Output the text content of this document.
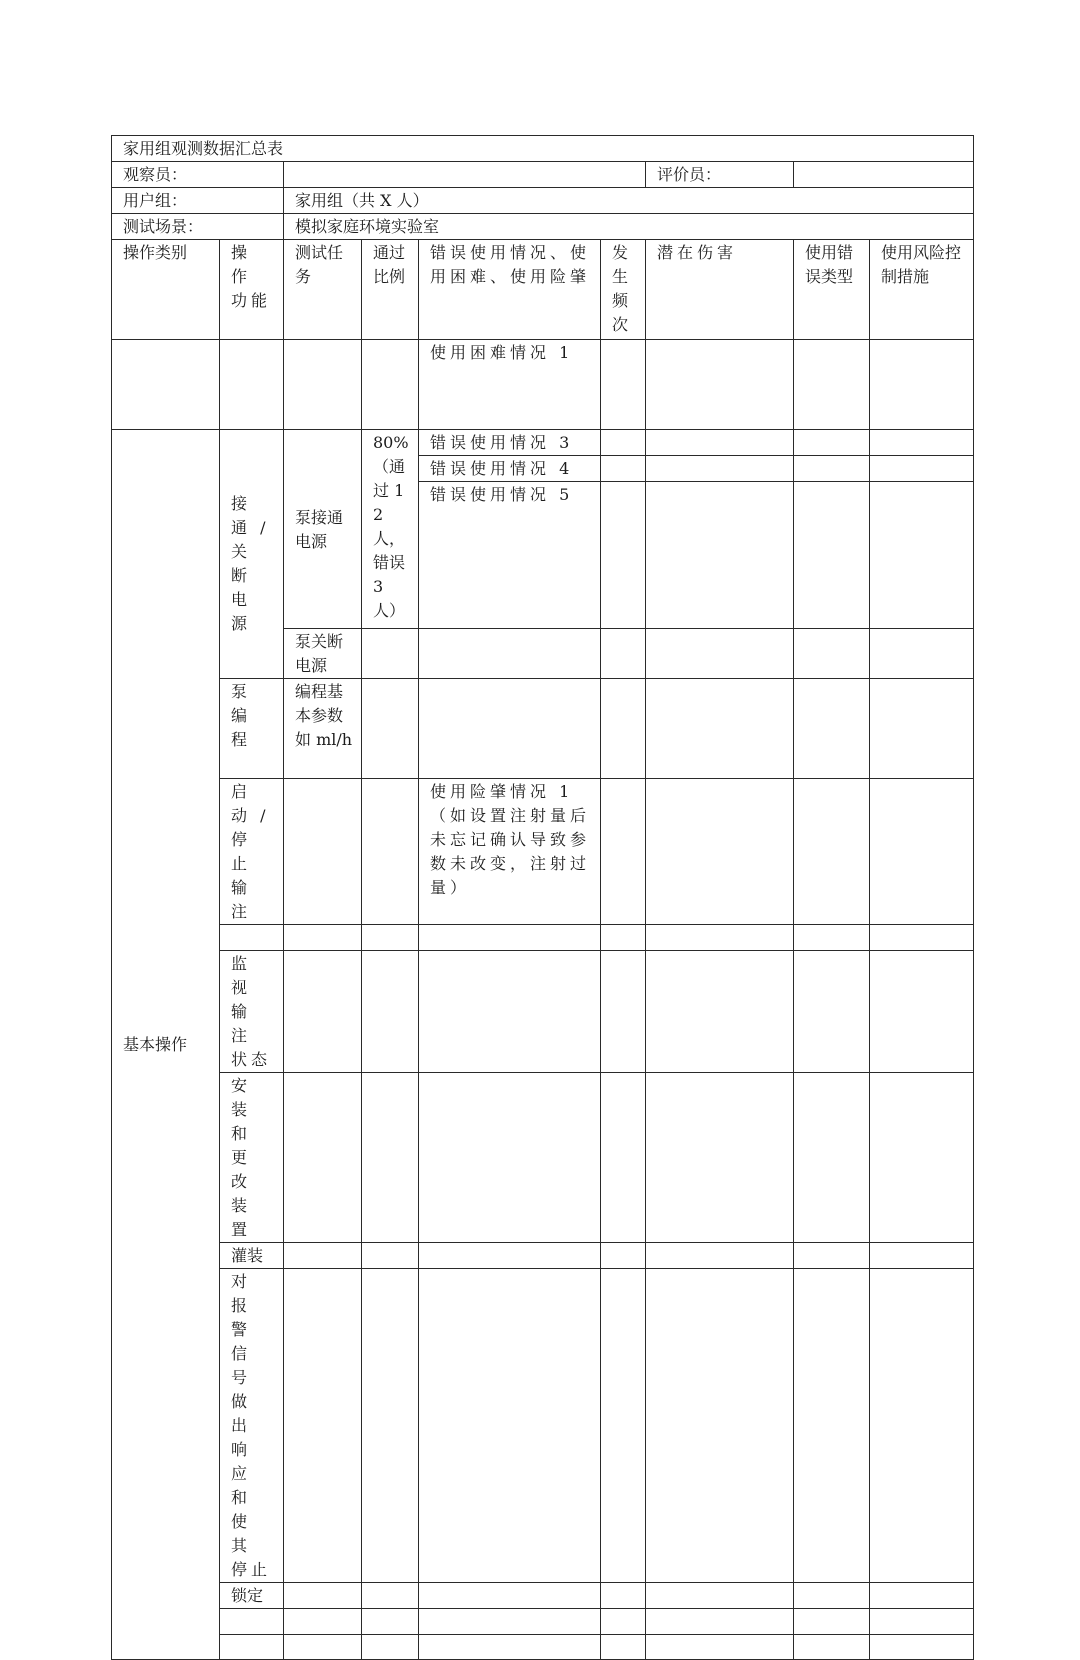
家用组观测数据汇总表								
观察员：						评价员：		
用户组：		家用组（共 X 人）						
测试场景：		模拟家庭环境实验室						
操作类别	操 作 功能	测试任务	通过比例	错误使用情况、使用困难、使用险肇	发生频次	潜在伤害	使用错误类型	使用风险控制措施
				使用困难情况 1				
基本操作	接 通 / 关 断 电 源	泵接通电源	80%（通过 12 人，错误 3 人）	错误使用情况 3				
				错误使用情况 4				
				错误使用情况 5				
		泵关断电源						
	泵 编 程	编程基本参数如 ml/h						
	启 动 / 停 止 输 注			使用险肇情况 1（如设置注射量后未忘记确认导致参数未改变，注射过量）				

	监 视 输 注 状态							
	安 装 和 更 改 装 置							
	灌装							
	对 报 警 信 号 做 出 响 应 和 使 其 停止							
	锁定							
